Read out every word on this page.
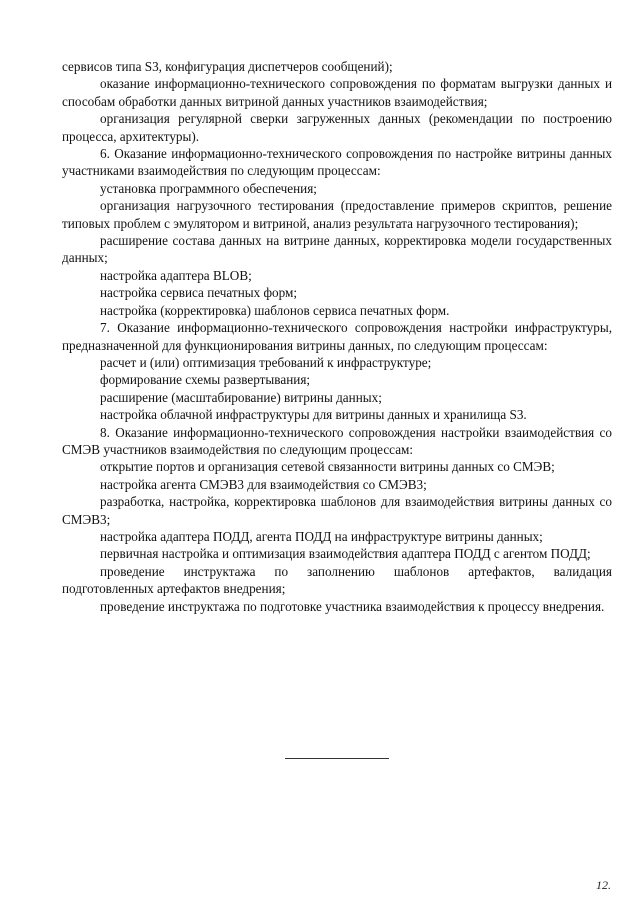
сервисов типа S3, конфигурация диспетчеров сообщений);

оказание информационно-технического сопровождения по форматам выгрузки данных и способам обработки данных витриной данных участников взаимодействия;

организация регулярной сверки загруженных данных (рекомендации по построению процесса, архитектуры).

6. Оказание информационно-технического сопровождения по настройке витрины данных участниками взаимодействия по следующим процессам:

установка программного обеспечения;

организация нагрузочного тестирования (предоставление примеров скриптов, решение типовых проблем с эмулятором и витриной, анализ результата нагрузочного тестирования);

расширение состава данных на витрине данных, корректировка модели государственных данных;

настройка адаптера BLOB;

настройка сервиса печатных форм;

настройка (корректировка) шаблонов сервиса печатных форм.

7. Оказание информационно-технического сопровождения настройки инфраструктуры, предназначенной для функционирования витрины данных, по следующим процессам:

расчет и (или) оптимизация требований к инфраструктуре;

формирование схемы развертывания;

расширение (масштабирование) витрины данных;

настройка облачной инфраструктуры для витрины данных и хранилища S3.

8. Оказание информационно-технического сопровождения настройки взаимодействия со СМЭВ участников взаимодействия по следующим процессам:

открытие портов и организация сетевой связанности витрины данных со СМЭВ;

настройка агента СМЭВ3 для взаимодействия со СМЭВ3;

разработка, настройка, корректировка шаблонов для взаимодействия витрины данных со СМЭВ3;

настройка адаптера ПОДД, агента ПОДД на инфраструктуре витрины данных;

первичная настройка и оптимизация взаимодействия адаптера ПОДД с агентом ПОДД;

проведение инструктажа по заполнению шаблонов артефактов, валидация подготовленных артефактов внедрения;

проведение инструктажа по подготовке участника взаимодействия к процессу внедрения.

12.
